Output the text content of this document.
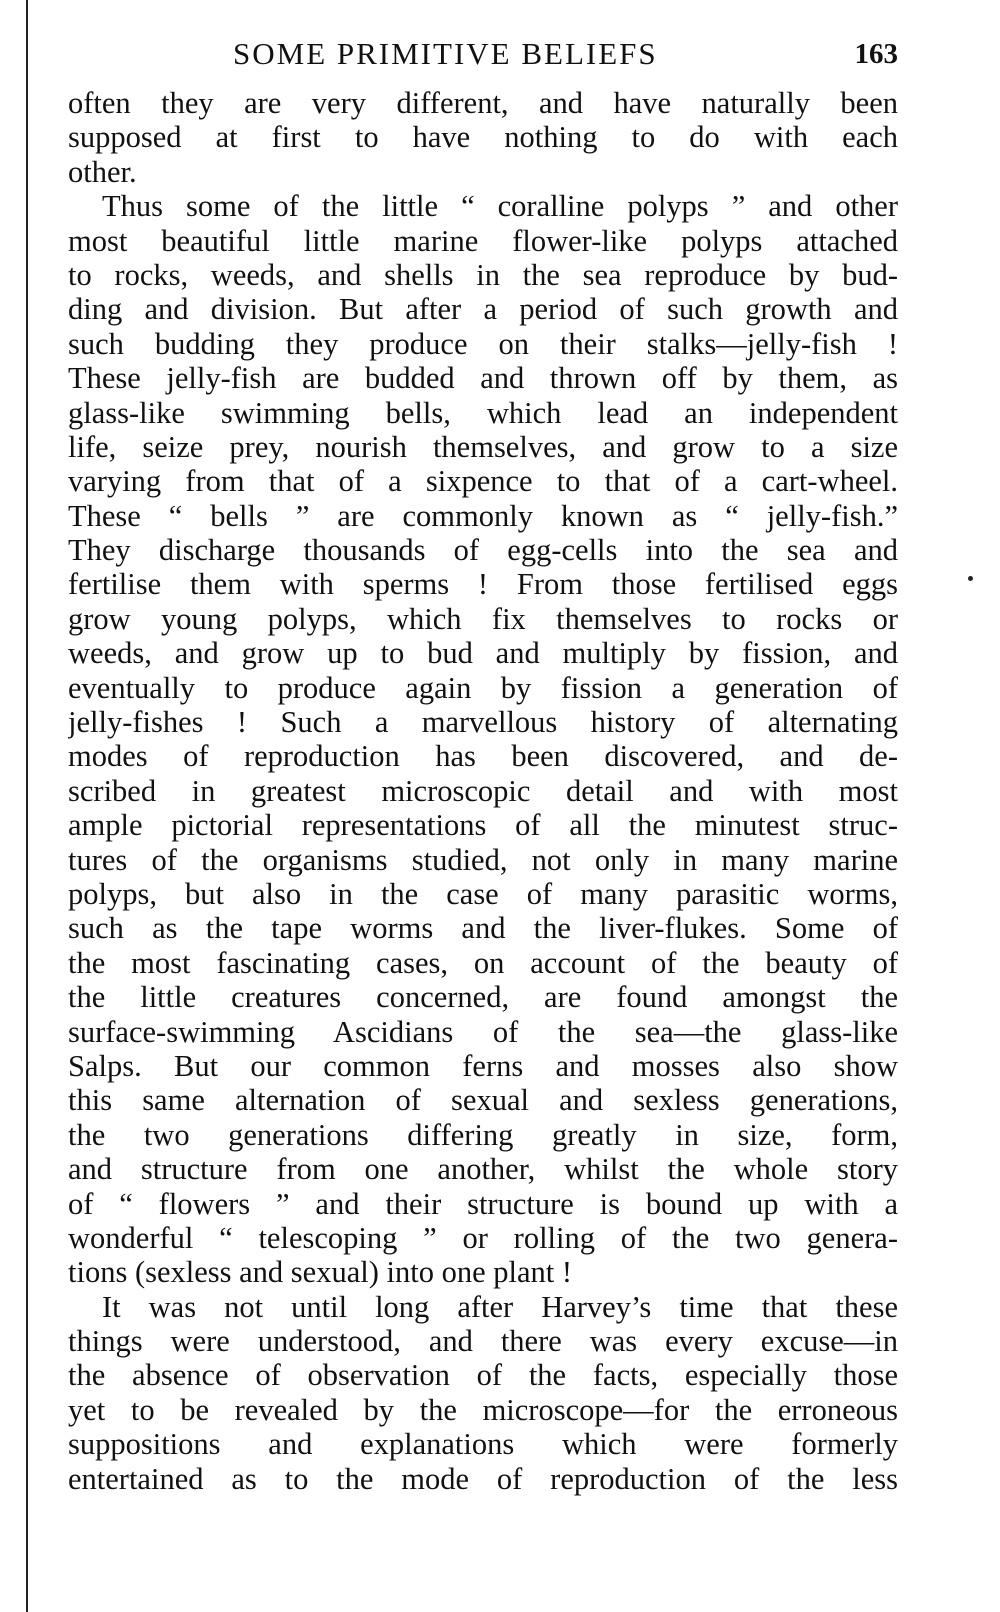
SOME PRIMITIVE BELIEFS	163
often they are very different, and have naturally been
supposed at first to have nothing to do with each
other.
Thus some of the little “ coralline polyps ” and other
most beautiful little marine flower-like polyps attached
to rocks, weeds, and shells in the sea reproduce by bud-
ding and division. But after a period of such growth and
such budding they produce on their stalks—jelly-fish !
These jelly-fish are budded and thrown off by them, as
glass-like swimming bells, which lead an independent
life, seize prey, nourish themselves, and grow to a size
varying from that of a sixpence to that of a cart-wheel.
These “ bells ” are commonly known as “ jelly-fish.”
They discharge thousands of egg-cells into the sea and
fertilise them with sperms ! From those fertilised eggs
grow young polyps, which fix themselves to rocks or
weeds, and grow up to bud and multiply by fission, and
eventually to produce again by fission a generation of
jelly-fishes ! Such a marvellous history of alternating
modes of reproduction has been discovered, and de-
scribed in greatest microscopic detail and with most
ample pictorial representations of all the minutest struc-
tures of the organisms studied, not only in many marine
polyps, but also in the case of many parasitic worms,
such as the tape worms and the liver-flukes. Some of
the most fascinating cases, on account of the beauty of
the little creatures concerned, are found amongst the
surface-swimming Ascidians of the sea—the glass-like
Salps. But our common ferns and mosses also show
this same alternation of sexual and sexless generations,
the two generations differing greatly in size, form,
and structure from one another, whilst the whole story
of “ flowers ” and their structure is bound up with a
wonderful “ telescoping ” or rolling of the two genera-
tions (sexless and sexual) into one plant !
It was not until long after Harvey’s time that these
things were understood, and there was every excuse—in
the absence of observation of the facts, especially those
yet to be revealed by the microscope—for the erroneous
suppositions and explanations which were formerly
entertained as to the mode of reproduction of the less
